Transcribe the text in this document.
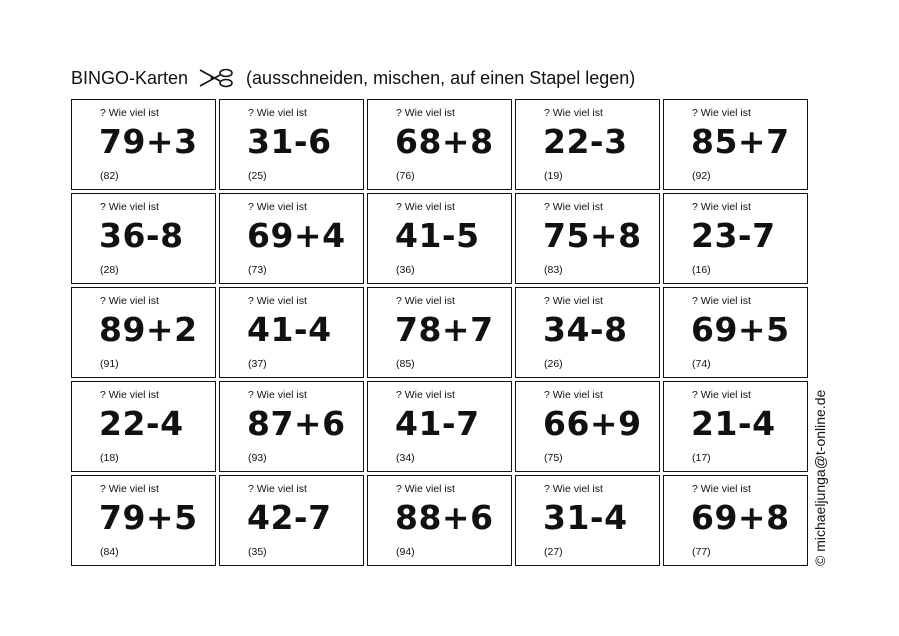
BINGO-Karten	(ausschneiden, mischen, auf einen Stapel legen)
? Wie viel ist
79+3
(82)
? Wie viel ist
31-6
(25)
? Wie viel ist
68+8
(76)
? Wie viel ist
22-3
(19)
? Wie viel ist
85+7
(92)
? Wie viel ist
36-8
(28)
? Wie viel ist
69+4
(73)
? Wie viel ist
41-5
(36)
? Wie viel ist
75+8
(83)
? Wie viel ist
23-7
(16)
? Wie viel ist
89+2
(91)
? Wie viel ist
41-4
(37)
? Wie viel ist
78+7
(85)
? Wie viel ist
34-8
(26)
? Wie viel ist
69+5
(74)
? Wie viel ist
22-4
(18)
? Wie viel ist
87+6
(93)
? Wie viel ist
41-7
(34)
? Wie viel ist
66+9
(75)
? Wie viel ist
21-4
(17)
? Wie viel ist
79+5
(84)
? Wie viel ist
42-7
(35)
? Wie viel ist
88+6
(94)
? Wie viel ist
31-4
(27)
? Wie viel ist
69+8
(77)	© michaeljunga@t-online.de
